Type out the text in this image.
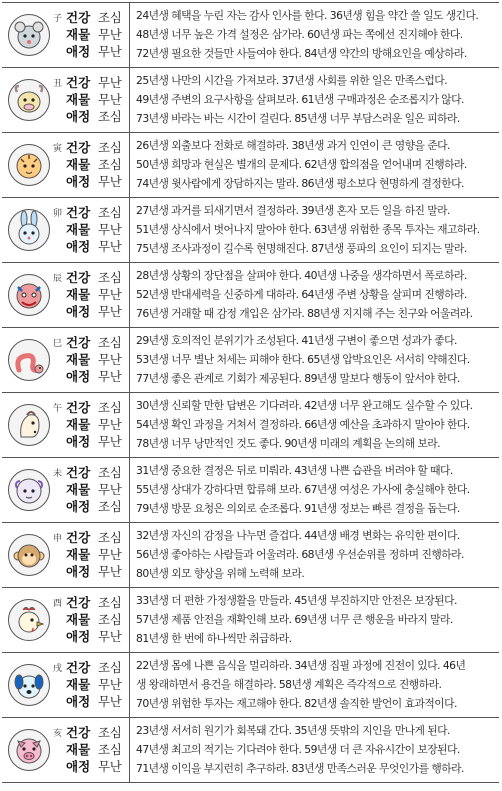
子 건강 조심
재물 무난
애정 무난
24년생 혜택을 누린 자는 감사 인사를 한다. 36년생 힘을 약간 쓸 일도 생긴다.
48년생 너무 높은 가격 설정은 삼가라. 60년생 파는 쪽에선 진지해야 한다.
72년생 필요한 것들만 사들여야 한다. 84년생 약간의 방해요인을 예상하라.
丑 건강 무난
재물 무난
애정 조심
25년생 나만의 시간을 가져보라. 37년생 사회를 위한 일은 만족스럽다.
49년생 주변의 요구사항을 살펴보라. 61년생 구매과정은 순조롭지가 않다.
73년생 바라는 바는 시간이 걸린다. 85년생 너무 부담스러운 일은 피하라.
寅 건강 조심
재물 조심
애정 무난
26년생 외출보다 전화로 해결하라. 38년생 과거 인연이 큰 영향을 준다.
50년생 희망과 현실은 별개의 문제다. 62년생 합의점을 얻어내며 진행하라.
74년생 윗사람에게 장담하지는 말라. 86년생 평소보다 현명하게 결정한다.
卯 건강 조심
재물 무난
애정 무난
27년생 과거를 되새기면서 결정하라. 39년생 혼자 모든 일을 하진 말라.
51년생 상식에서 벗어나지 말아야 한다. 63년생 위험한 종목 투자는 재고하라.
75년생 조사과정이 길수록 현명해진다. 87년생 풍파의 요인이 되지는 말라.
辰 건강 조심
재물 무난
애정 무난
28년생 상황의 장단점을 살펴야 한다. 40년생 나중을 생각하면서 폭로하라.
52년생 반대세력을 신중하게 대하라. 64년생 주변 상황을 살피며 진행하라.
76년생 거래할 때 감정 개입은 삼가라. 88년생 지지해 주는 친구와 어울려라.
巳 건강 조심
재물 무난
애정 무난
29년생 호의적인 분위기가 조성된다. 41년생 구변이 좋으면 성과가 좋다.
53년생 너무 별난 처세는 피해야 한다. 65년생 압박요인은 서서히 약해진다.
77년생 좋은 관계로 기회가 제공된다. 89년생 말보다 행동이 앞서야 한다.
午 건강 조심
재물 무난
애정 무난
30년생 신뢰할 만한 답변은 기다려라. 42년생 너무 완고해도 실수할 수 있다.
54년생 확인 과정을 거쳐서 결정하라. 66년생 예산을 초과하지 말아야 한다.
78년생 너무 낭만적인 것도 좋다. 90년생 미래의 계획을 논의해 보라.
未 건강 조심
재물 무난
애정 조심
31년생 중요한 결정은 뒤로 미뤄라. 43년생 나쁜 습관을 버려야 할 때다.
55년생 상대가 강하다면 합류해 보라. 67년생 여성은 가사에 충실해야 한다.
79년생 방문 요청은 의외로 순조롭다. 91년생 정보는 빠른 결정을 돕는다.
申 건강 조심
재물 무난
애정 무난
32년생 자신의 감정을 나누면 즐겁다. 44년생 배경 변화는 유익한 편이다.
56년생 좋아하는 사람들과 어울려라. 68년생 우선순위를 정하며 진행하라.
80년생 외모 향상을 위해 노력해 보라.
酉 건강 조심
재물 조심
애정 무난
33년생 더 편한 가정생활을 만들라. 45년생 부진하지만 안전은 보장된다.
57년생 제품 안전을 재확인해 보라. 69년생 너무 큰 행운을 바라지 말라.
81년생 한 번에 하나씩만 취급하라.
戌 건강 조심
재물 무난
애정 무난
22년생 몸에 나쁜 음식을 멀리하라. 34년생 집필 과정에 진전이 있다. 46년
생 왕래하면서 용건을 해결하라. 58년생 계획은 즉각적으로 진행하라.
70년생 위험한 투자는 재고해야 한다. 82년생 솔직한 발언이 효과적이다.
亥 건강 조심
재물 조심
애정 무난
23년생 서서히 원기가 회복돼 간다. 35년생 뜻밖의 지인을 만나게 된다.
47년생 최고의 적기는 기다려야 한다. 59년생 더 큰 자유시간이 보장된다.
71년생 이익을 부지런히 추구하라. 83년생 만족스러운 무엇인가를 행하라.
